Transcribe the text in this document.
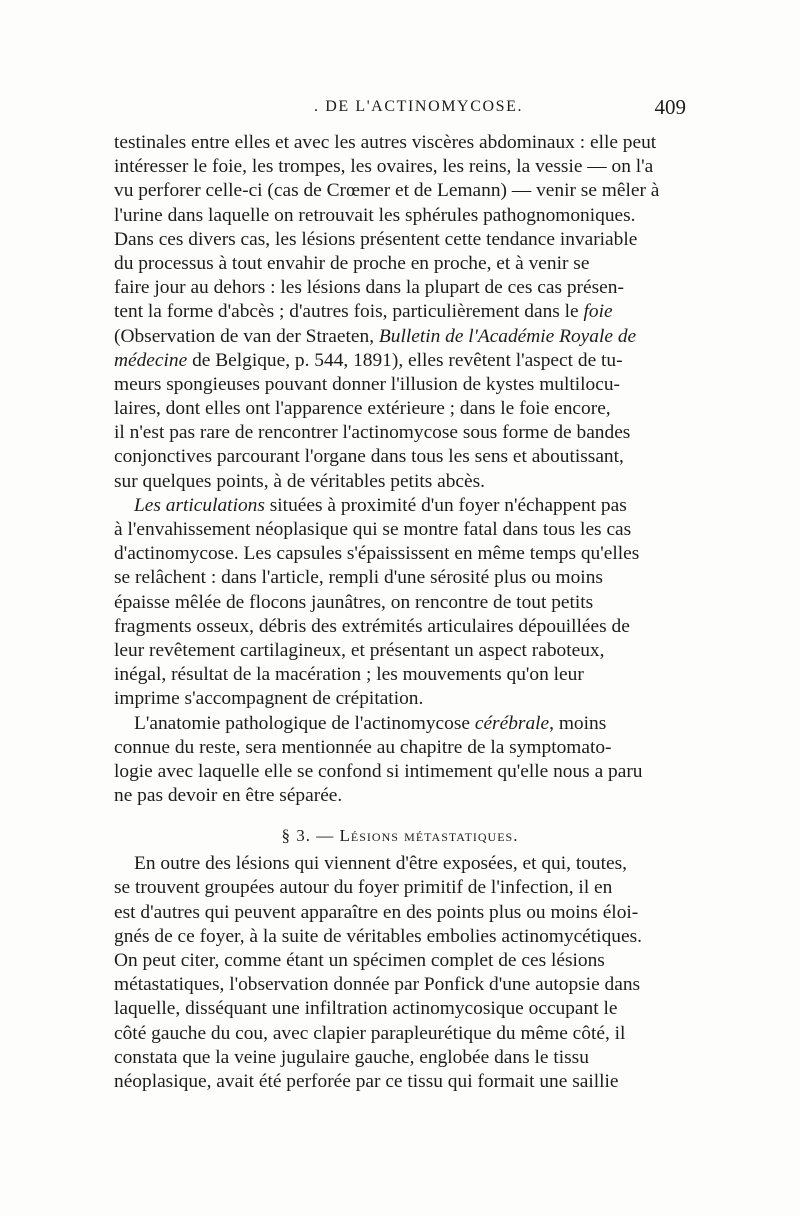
. DE L'ACTINOMYCOSE.	409
testinales entre elles et avec les autres viscères abdominaux : elle peut
intéresser le foie, les trompes, les ovaires, les reins, la vessie — on l'a
vu perforer celle-ci (cas de Crœmer et de Lemann) — venir se mêler à
l'urine dans laquelle on retrouvait les sphérules pathognomoniques.
Dans ces divers cas, les lésions présentent cette tendance invariable
du processus à tout envahir de proche en proche, et à venir se
faire jour au dehors : les lésions dans la plupart de ces cas présen-
tent la forme d'abcès ; d'autres fois, particulièrement dans le foie
(Observation de van der Straeten, Bulletin de l'Académie Royale de
médecine de Belgique, p. 544, 1891), elles revêtent l'aspect de tu-
meurs spongieuses pouvant donner l'illusion de kystes multilocu-
laires, dont elles ont l'apparence extérieure ; dans le foie encore,
il n'est pas rare de rencontrer l'actinomycose sous forme de bandes
conjonctives parcourant l'organe dans tous les sens et aboutissant,
sur quelques points, à de véritables petits abcès.
Les articulations situées à proximité d'un foyer n'échappent pas
à l'envahissement néoplasique qui se montre fatal dans tous les cas
d'actinomycose. Les capsules s'épaississent en même temps qu'elles
se relâchent : dans l'article, rempli d'une sérosité plus ou moins
épaisse mêlée de flocons jaunâtres, on rencontre de tout petits
fragments osseux, débris des extrémités articulaires dépouillées de
leur revêtement cartilagineux, et présentant un aspect raboteux,
inégal, résultat de la macération ; les mouvements qu'on leur
imprime s'accompagnent de crépitation.
L'anatomie pathologique de l'actinomycose cérébrale, moins
connue du reste, sera mentionnée au chapitre de la symptomato-
logie avec laquelle elle se confond si intimement qu'elle nous a paru
ne pas devoir en être séparée.
§ 3. — Lésions métastatiques.
En outre des lésions qui viennent d'être exposées, et qui, toutes,
se trouvent groupées autour du foyer primitif de l'infection, il en
est d'autres qui peuvent apparaître en des points plus ou moins éloi-
gnés de ce foyer, à la suite de véritables embolies actinomycétiques.
On peut citer, comme étant un spécimen complet de ces lésions
métastatiques, l'observation donnée par Ponfick d'une autopsie dans
laquelle, disséquant une infiltration actinomycosique occupant le
côté gauche du cou, avec clapier parapleurétique du même côté, il
constata que la veine jugulaire gauche, englobée dans le tissu
néoplasique, avait été perforée par ce tissu qui formait une saillie
